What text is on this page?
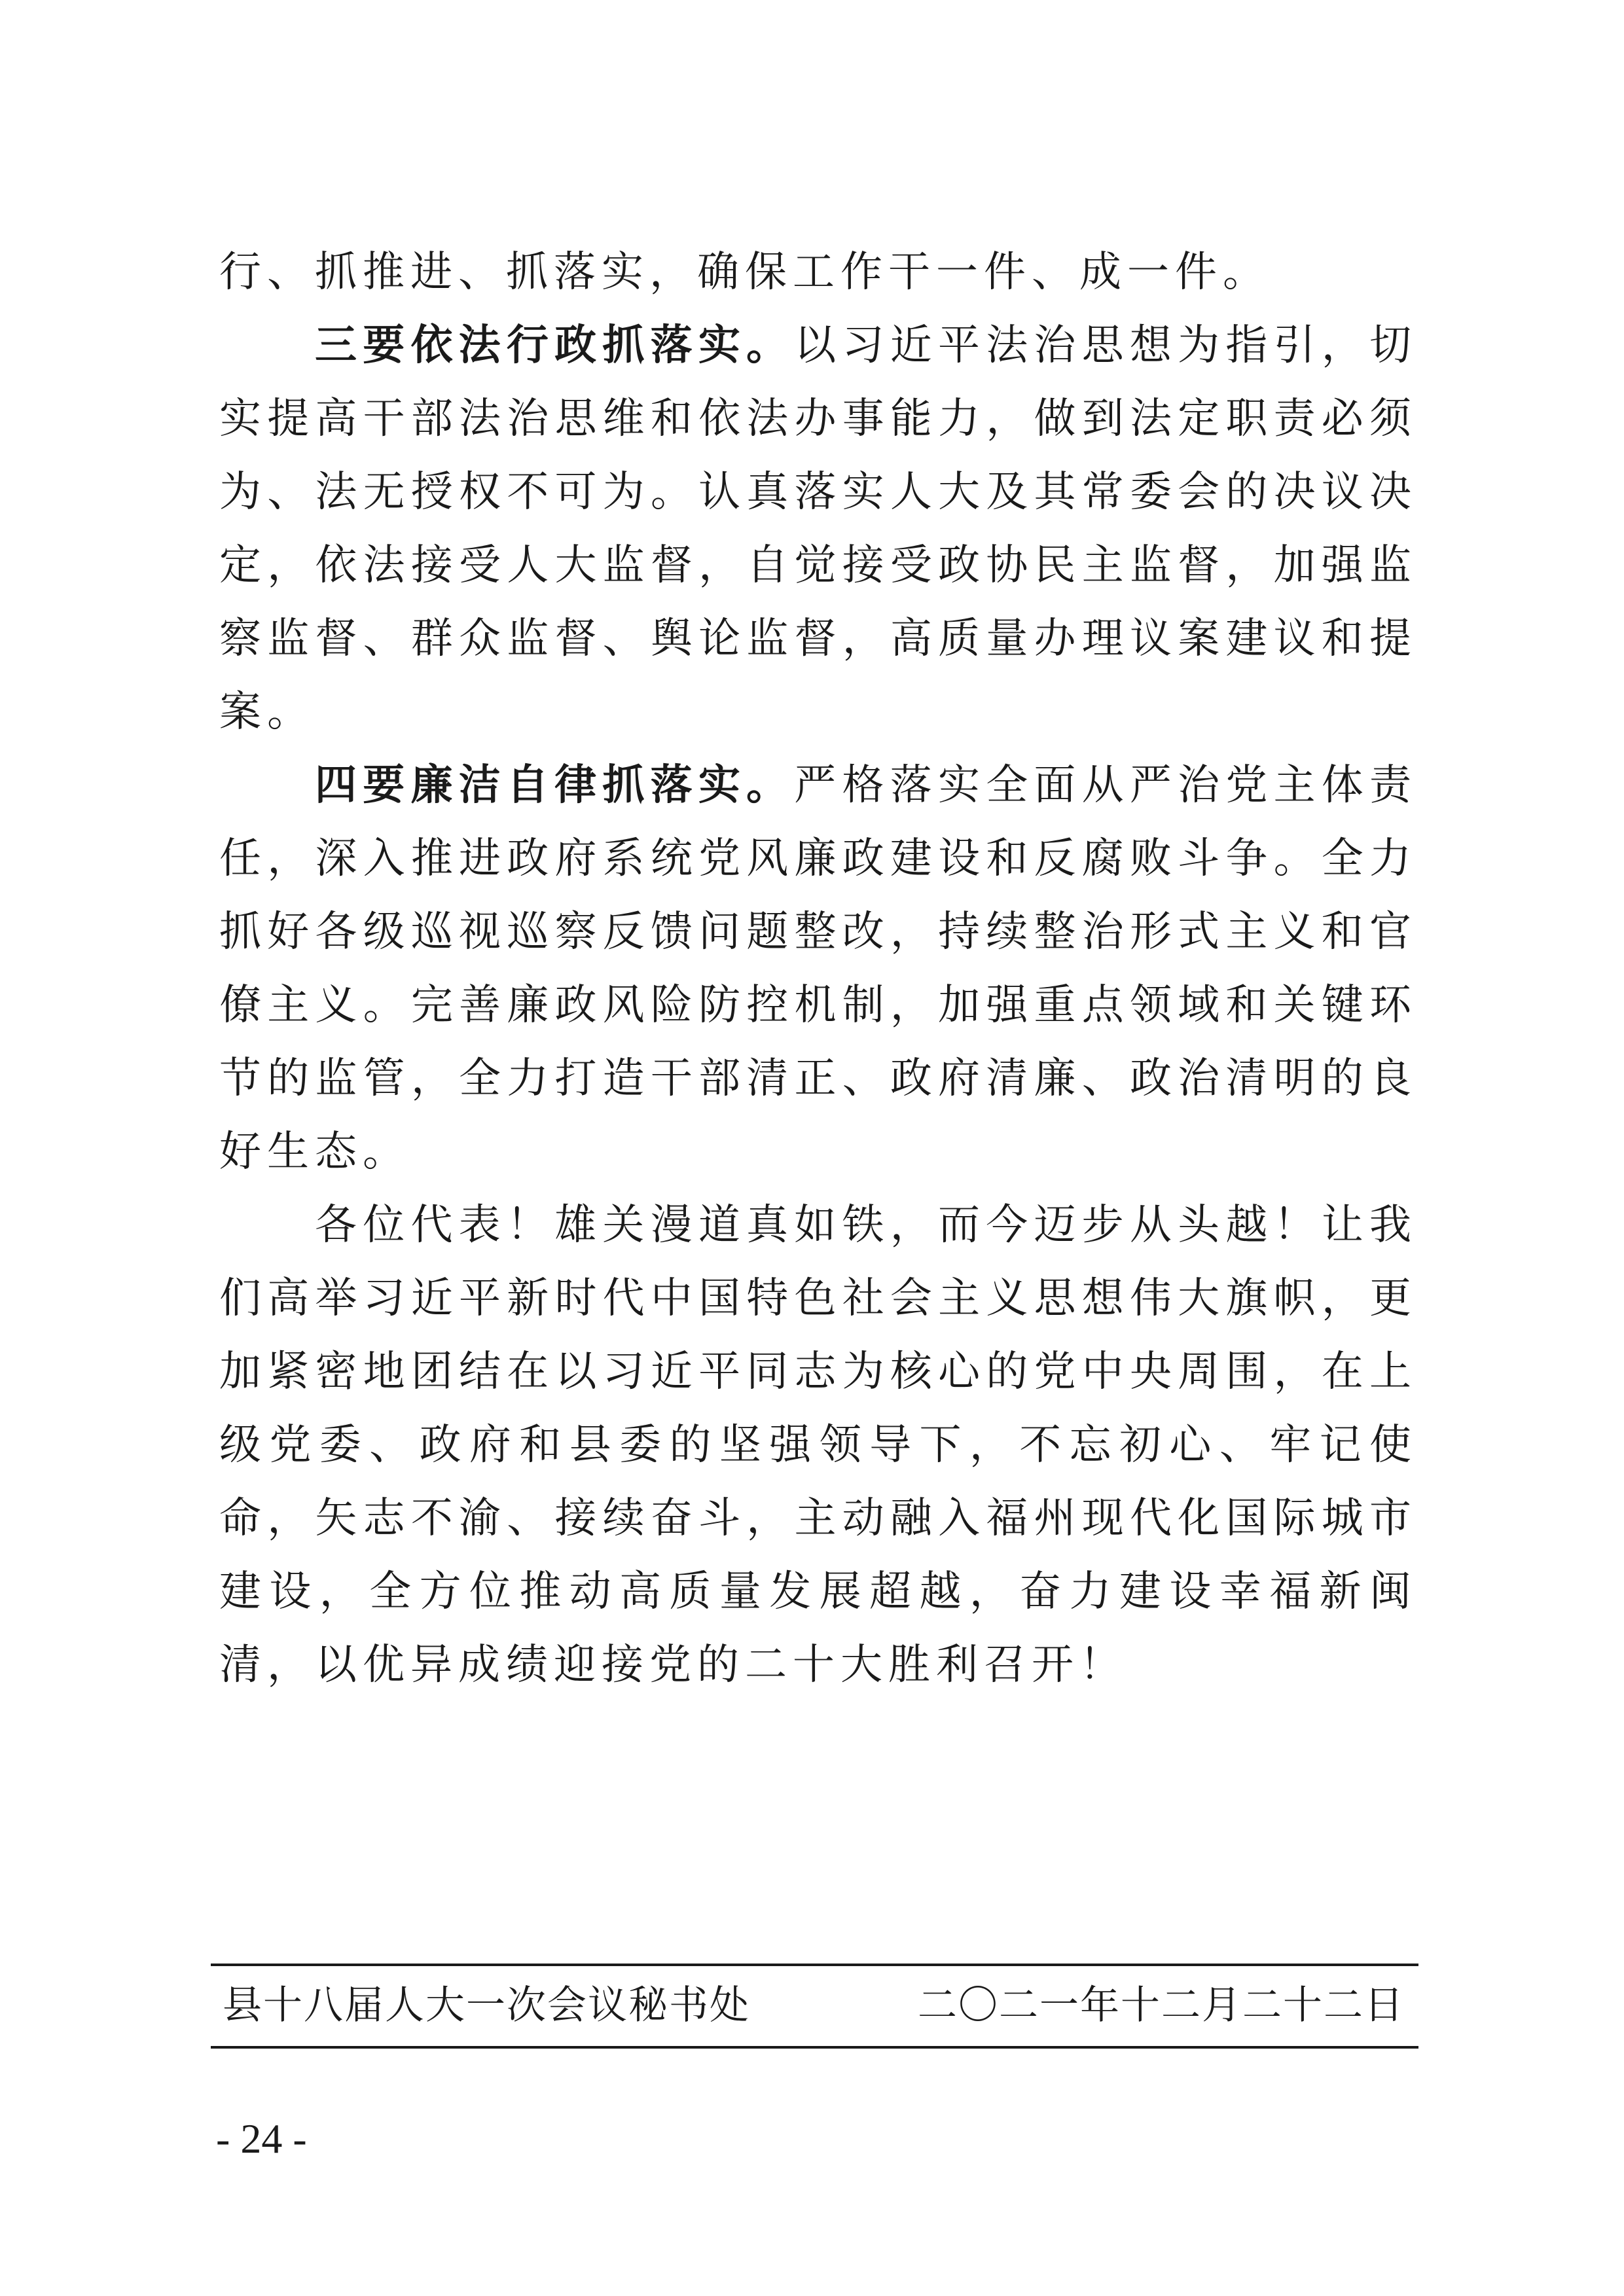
行、抓推进、抓落实，确保工作干一件、成一件。

三要依法行政抓落实。以习近平法治思想为指引，切实提高干部法治思维和依法办事能力，做到法定职责必须为、法无授权不可为。认真落实人大及其常委会的决议决定，依法接受人大监督，自觉接受政协民主监督，加强监察监督、群众监督、舆论监督，高质量办理议案建议和提案。

四要廉洁自律抓落实。严格落实全面从严治党主体责任，深入推进政府系统党风廉政建设和反腐败斗争。全力抓好各级巡视巡察反馈问题整改，持续整治形式主义和官僚主义。完善廉政风险防控机制，加强重点领域和关键环节的监管，全力打造干部清正、政府清廉、政治清明的良好生态。

各位代表！雄关漫道真如铁，而今迈步从头越！让我们高举习近平新时代中国特色社会主义思想伟大旗帜，更加紧密地团结在以习近平同志为核心的党中央周围，在上级党委、政府和县委的坚强领导下，不忘初心、牢记使命，矢志不渝、接续奋斗，主动融入福州现代化国际城市建设，全方位推动高质量发展超越，奋力建设幸福新闽清，以优异成绩迎接党的二十大胜利召开！

县十八届人大一次会议秘书处	二〇二一年十二月二十二日
- 24 -
